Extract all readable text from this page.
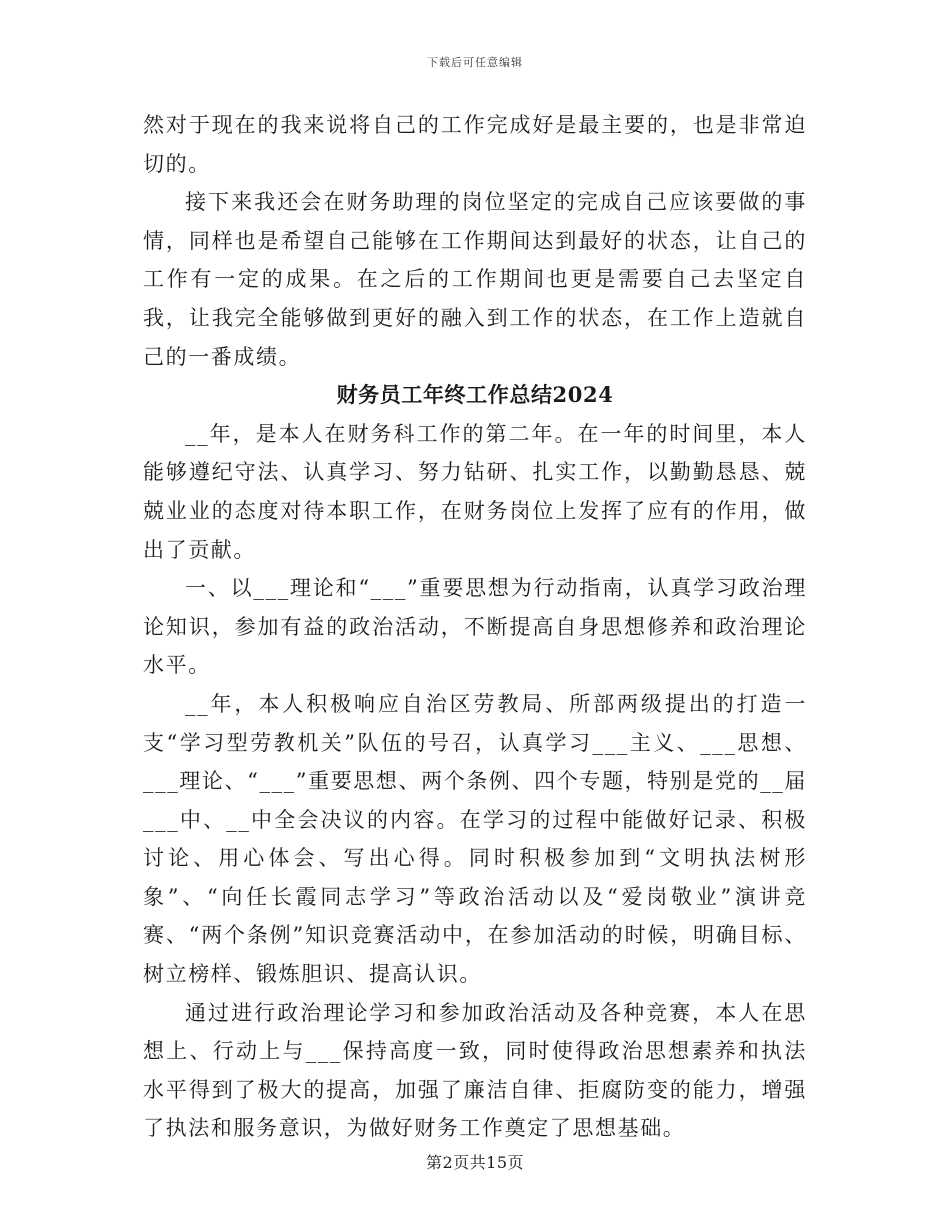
下载后可任意编辑

然对于现在的我来说将自己的工作完成好是最主要的，也是非常迫切的。

接下来我还会在财务助理的岗位坚定的完成自己应该要做的事情，同样也是希望自己能够在工作期间达到最好的状态，让自己的工作有一定的成果。在之后的工作期间也更是需要自己去坚定自我，让我完全能够做到更好的融入到工作的状态，在工作上造就自己的一番成绩。

财务员工年终工作总结2024

__年，是本人在财务科工作的第二年。在一年的时间里，本人能够遵纪守法、认真学习、努力钻研、扎实工作，以勤勤恳恳、兢兢业业的态度对待本职工作，在财务岗位上发挥了应有的作用，做出了贡献。

一、以___理论和“___”重要思想为行动指南，认真学习政治理论知识，参加有益的政治活动，不断提高自身思想修养和政治理论水平。

__年，本人积极响应自治区劳教局、所部两级提出的打造一支“学习型劳教机关”队伍的号召，认真学习___主义、___思想、___理论、“___”重要思想、两个条例、四个专题，特别是党的__届___中、__中全会决议的内容。在学习的过程中能做好记录、积极讨论、用心体会、写出心得。同时积极参加到“文明执法树形象”、“向任长霞同志学习”等政治活动以及“爱岗敬业”演讲竞赛、“两个条例”知识竞赛活动中，在参加活动的时候，明确目标、树立榜样、锻炼胆识、提高认识。

通过进行政治理论学习和参加政治活动及各种竞赛，本人在思想上、行动上与___保持高度一致，同时使得政治思想素养和执法水平得到了极大的提高，加强了廉洁自律、拒腐防变的能力，增强了执法和服务意识，为做好财务工作奠定了思想基础。

第2页共15页
